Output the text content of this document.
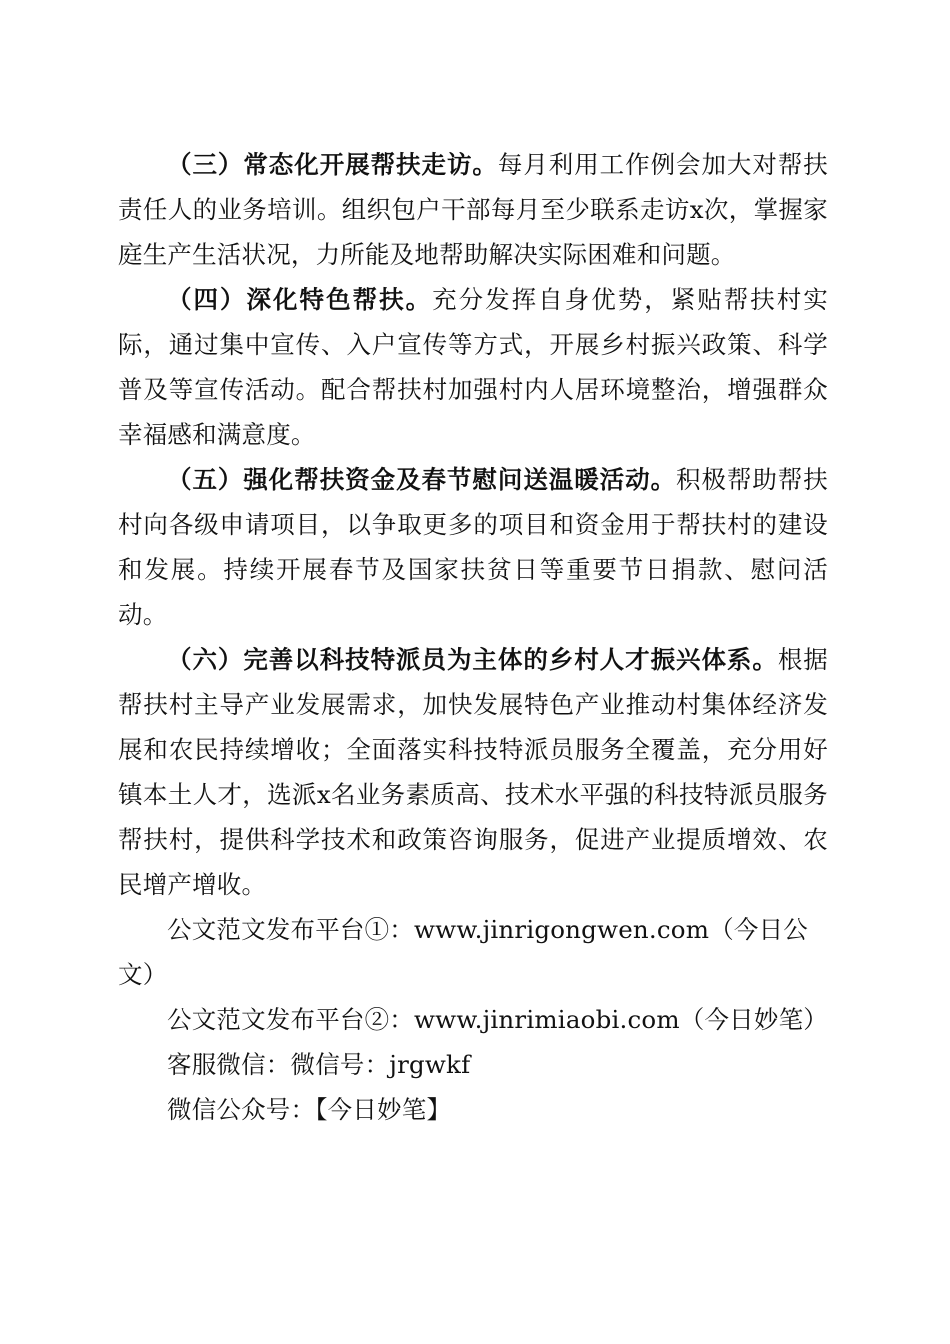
（三）常态化开展帮扶走访。每月利用工作例会加大对帮扶责任人的业务培训。组织包户干部每月至少联系走访x次，掌握家庭生产生活状况，力所能及地帮助解决实际困难和问题。

（四）深化特色帮扶。充分发挥自身优势，紧贴帮扶村实际，通过集中宣传、入户宣传等方式，开展乡村振兴政策、科学普及等宣传活动。配合帮扶村加强村内人居环境整治，增强群众幸福感和满意度。

（五）强化帮扶资金及春节慰问送温暖活动。积极帮助帮扶村向各级申请项目，以争取更多的项目和资金用于帮扶村的建设和发展。持续开展春节及国家扶贫日等重要节日捐款、慰问活动。

（六）完善以科技特派员为主体的乡村人才振兴体系。根据帮扶村主导产业发展需求，加快发展特色产业推动村集体经济发展和农民持续增收；全面落实科技特派员服务全覆盖，充分用好镇本土人才，选派x名业务素质高、技术水平强的科技特派员服务帮扶村，提供科学技术和政策咨询服务，促进产业提质增效、农民增产增收。

公文范文发布平台①：www.jinrigongwen.com（今日公文）

公文范文发布平台②：www.jinrimiaobi.com（今日妙笔）

客服微信：微信号：jrgwkf

微信公众号：【今日妙笔】
